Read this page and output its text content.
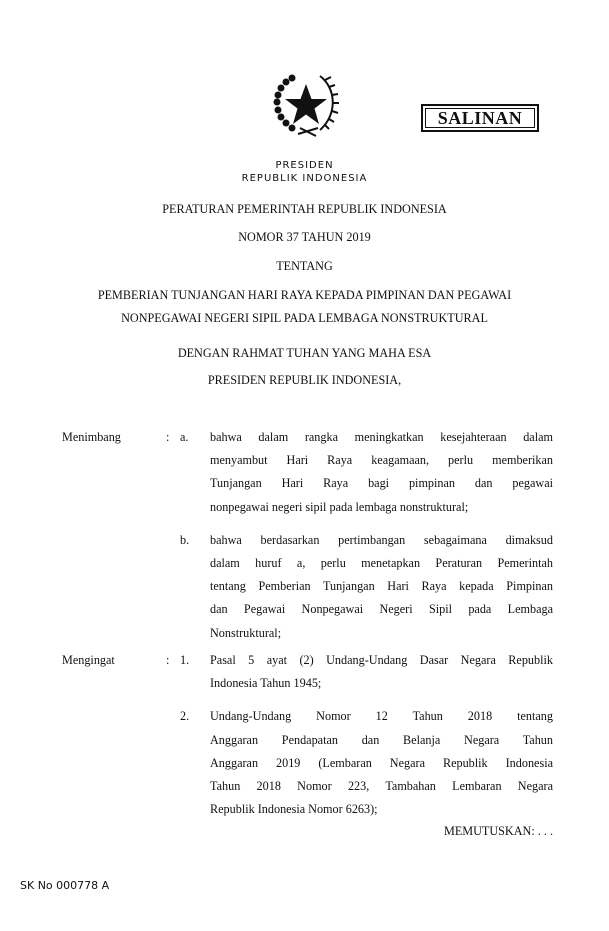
SALINAN
PRESIDEN
REPUBLIK INDONESIA
PERATURAN PEMERINTAH REPUBLIK INDONESIA
NOMOR 37 TAHUN 2019
TENTANG
PEMBERIAN TUNJANGAN HARI RAYA KEPADA PIMPINAN DAN PEGAWAI
NONPEGAWAI NEGERI SIPIL PADA LEMBAGA NONSTRUKTURAL
DENGAN RAHMAT TUHAN YANG MAHA ESA
PRESIDEN REPUBLIK INDONESIA,
Menimbang	: a. bahwa dalam rangka meningkatkan kesejahteraan dalam
menyambut Hari Raya keagamaan, perlu memberikan
Tunjangan Hari Raya bagi pimpinan dan pegawai
nonpegawai negeri sipil pada lembaga nonstruktural;
b. bahwa berdasarkan pertimbangan sebagaimana dimaksud
dalam huruf a, perlu menetapkan Peraturan Pemerintah
tentang Pemberian Tunjangan Hari Raya kepada Pimpinan
dan Pegawai Nonpegawai Negeri Sipil pada Lembaga
Nonstruktural;
Mengingat	: 1. Pasal 5 ayat (2) Undang-Undang Dasar Negara Republik
Indonesia Tahun 1945;
2. Undang-Undang Nomor 12 Tahun 2018 tentang
Anggaran Pendapatan dan Belanja Negara Tahun
Anggaran 2019 (Lembaran Negara Republik Indonesia
Tahun 2018 Nomor 223, Tambahan Lembaran Negara
Republik Indonesia Nomor 6263);
MEMUTUSKAN: . . .
SK No 000778 A
